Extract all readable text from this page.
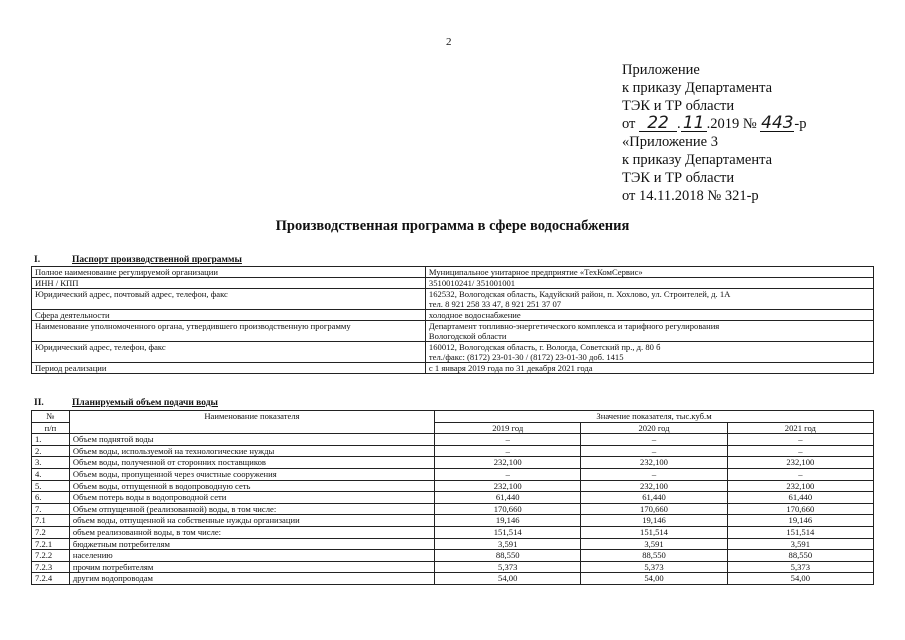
2
Приложение
к приказу Департамента
ТЭК и ТР области
от 22 . 11 .2019 № 443-р
«Приложение 3
к приказу Департамента
ТЭК и ТР области
от 14.11.2018 № 321-р
Производственная программа в сфере водоснабжения
I.	Паспорт производственной программы
Полное наименование регулируемой организации	Муниципальное унитарное предприятие «ТехКомСервис»

ИНН / КПП	3510010241/ 351001001

Юридический адрес, почтовый адрес, телефон, факс	162532, Вологодская область, Кадуйский район, п. Хохлово, ул. Строителей, д. 1А
тел. 8 921 258 33 47, 8 921 251 37 07

Сфера деятельности	холодное водоснабжение

Наименование уполномоченного органа, утвердившего производственную программу	Департамент топливно-энергетического комплекса и тарифного регулирования
Вологодской области

Юридический адрес, телефон, факс	160012, Вологодская область, г. Вологда, Советский пр., д. 80 б
тел./факс: (8172) 23-01-30 / (8172) 23-01-30 доб. 1415

Период реализации	с 1 января 2019 года по 31 декабря 2021 года
II.	Планируемый объем подачи воды
№	Наименование показателя	Значение показателя, тыс.куб.м		
п/п		2019 год	2020 год	2021 год
1.	Объем поднятой воды	–	–	–
2.	Объем воды, используемой на технологические нужды	–	–	–
3.	Объем воды, полученной от сторонних поставщиков	232,100	232,100	232,100
4.	Объем воды, пропущенной через очистные сооружения	–	–	–
5.	Объем воды, отпущенной в водопроводную сеть	232,100	232,100	232,100
6.	Объем потерь воды в водопроводной сети	61,440	61,440	61,440
7.	Объем отпущенной (реализованной) воды, в том числе:	170,660	170,660	170,660
7.1	объем воды, отпущенной на собственные нужды организации	19,146	19,146	19,146
7.2	объем реализованной воды, в том числе:	151,514	151,514	151,514
7.2.1	бюджетным потребителям	3,591	3,591	3,591
7.2.2	населению	88,550	88,550	88,550
7.2.3	прочим потребителям	5,373	5,373	5,373
7.2.4	другим водопроводам	54,00	54,00	54,00
